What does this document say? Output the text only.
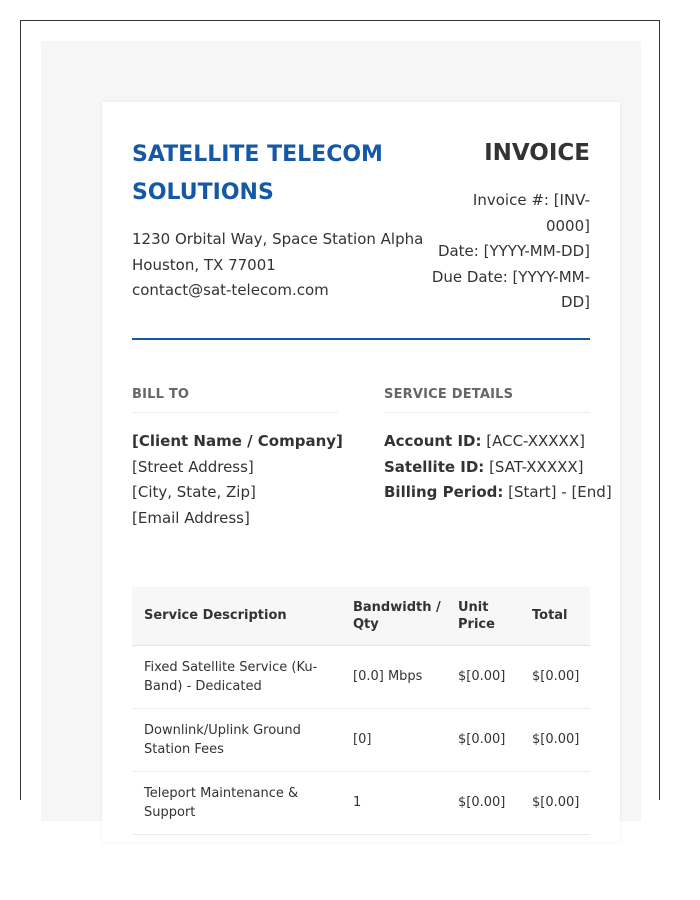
SATELLITE TELECOM SOLUTIONS
1230 Orbital Way, Space Station Alpha
Houston, TX 77001
contact@sat-telecom.com
INVOICE
Invoice #: [INV-0000]
Date: [YYYY-MM-DD]
Due Date: [YYYY-MM-DD]
BILL TO
[Client Name / Company]
[Street Address]
[City, State, Zip]
[Email Address]
SERVICE DETAILS
Account ID: [ACC-XXXXX]
Satellite ID: [SAT-XXXXX]
Billing Period: [Start] - [End]
Service Description	Bandwidth / Qty	Unit Price	Total
Fixed Satellite Service (Ku-Band) - Dedicated	[0.0] Mbps	$[0.00]	$[0.00]
Downlink/Uplink Ground Station Fees	[0]	$[0.00]	$[0.00]
Teleport Maintenance & Support	1	$[0.00]	$[0.00]
